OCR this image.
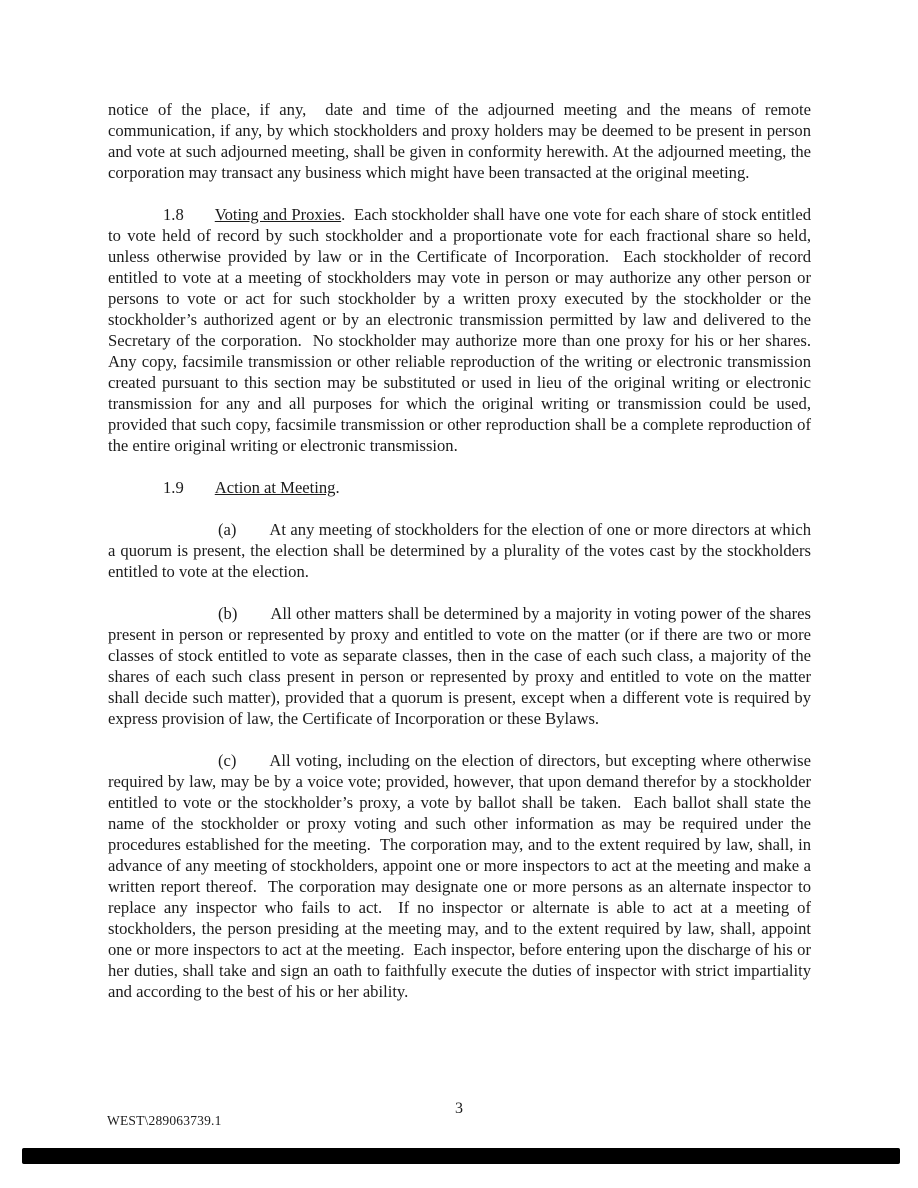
notice of the place, if any,  date and time of the adjourned meeting and the means of remote communication, if any, by which stockholders and proxy holders may be deemed to be present in person and vote at such adjourned meeting, shall be given in conformity herewith. At the adjourned meeting, the corporation may transact any business which might have been transacted at the original meeting.

1.8 Voting and Proxies.  Each stockholder shall have one vote for each share of stock entitled to vote held of record by such stockholder and a proportionate vote for each fractional share so held, unless otherwise provided by law or in the Certificate of Incorporation.  Each stockholder of record entitled to vote at a meeting of stockholders may vote in person or may authorize any other person or persons to vote or act for such stockholder by a written proxy executed by the stockholder or the stockholder’s authorized agent or by an electronic transmission permitted by law and delivered to the Secretary of the corporation.  No stockholder may authorize more than one proxy for his or her shares.  Any copy, facsimile transmission or other reliable reproduction of the writing or electronic transmission created pursuant to this section may be substituted or used in lieu of the original writing or electronic transmission for any and all purposes for which the original writing or transmission could be used, provided that such copy, facsimile transmission or other reproduction shall be a complete reproduction of the entire original writing or electronic transmission.

1.9 Action at Meeting.

(a) At any meeting of stockholders for the election of one or more directors at which a quorum is present, the election shall be determined by a plurality of the votes cast by the stockholders entitled to vote at the election.

(b) All other matters shall be determined by a majority in voting power of the shares present in person or represented by proxy and entitled to vote on the matter (or if there are two or more classes of stock entitled to vote as separate classes, then in the case of each such class, a majority of the shares of each such class present in person or represented by proxy and entitled to vote on the matter shall decide such matter), provided that a quorum is present, except when a different vote is required by express provision of law, the Certificate of Incorporation or these Bylaws.

(c) All voting, including on the election of directors, but excepting where otherwise required by law, may be by a voice vote; provided, however, that upon demand therefor by a stockholder entitled to vote or the stockholder’s proxy, a vote by ballot shall be taken.  Each ballot shall state the name of the stockholder or proxy voting and such other information as may be required under the procedures established for the meeting.  The corporation may, and to the extent required by law, shall, in advance of any meeting of stockholders, appoint one or more inspectors to act at the meeting and make a written report thereof.  The corporation may designate one or more persons as an alternate inspector to replace any inspector who fails to act.  If no inspector or alternate is able to act at a meeting of stockholders, the person presiding at the meeting may, and to the extent required by law, shall, appoint one or more inspectors to act at the meeting.  Each inspector, before entering upon the discharge of his or her duties, shall take and sign an oath to faithfully execute the duties of inspector with strict impartiality and according to the best of his or her ability.

3
WEST\289063739.1
